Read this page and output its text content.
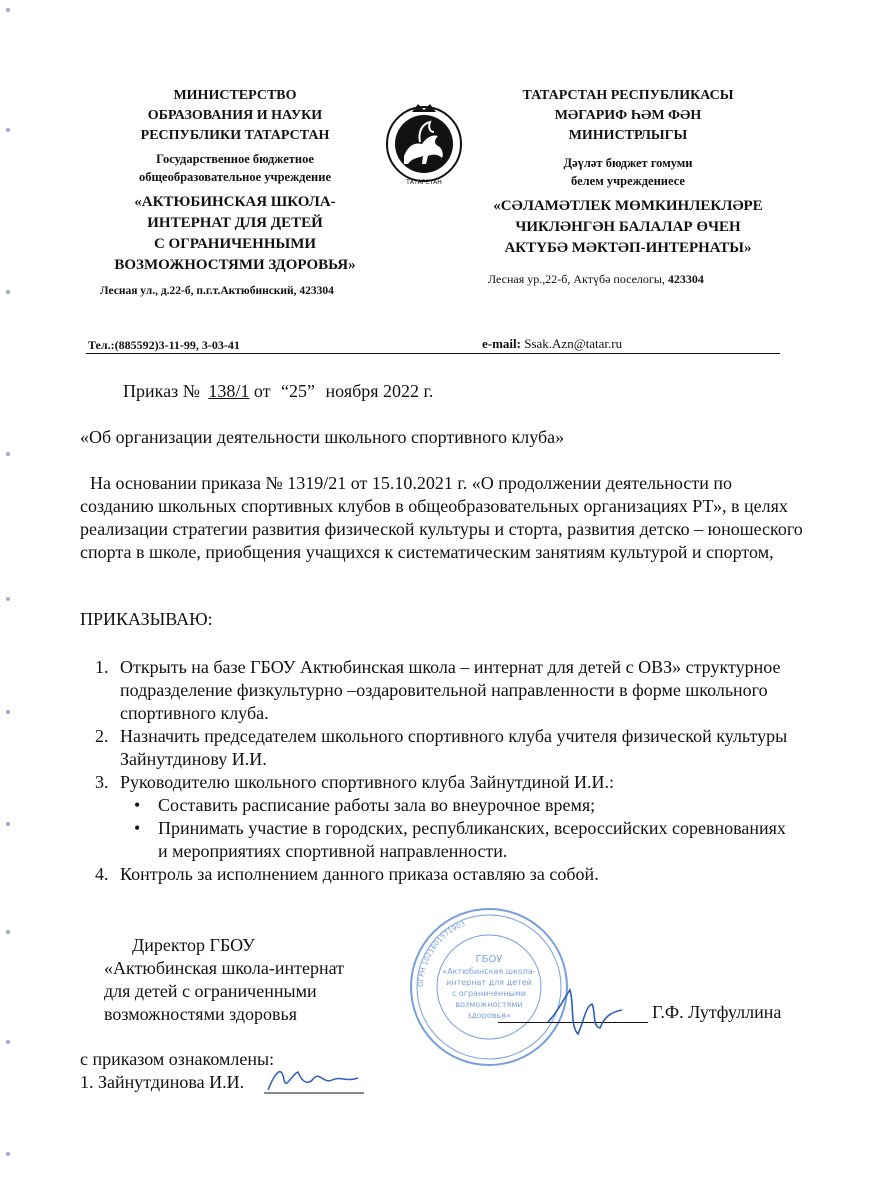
МИНИСТЕРСТВО
ОБРАЗОВАНИЯ И НАУКИ
РЕСПУБЛИКИ ТАТАРСТАН
Государственное бюджетное
общеобразовательное учреждение
«АКТЮБИНСКАЯ ШКОЛА-
ИНТЕРНАТ ДЛЯ ДЕТЕЙ
С ОГРАНИЧЕННЫМИ
ВОЗМОЖНОСТЯМИ ЗДОРОВЬЯ»
Лесная ул., д.22-б, п.г.т.Актюбинский, 423304
ТАТАРСТАН
ТАТАРСТАН РЕСПУБЛИКАСЫ
МӘГАРИФ ҺӘМ ФӘН
МИНИСТРЛЫГЫ
Дәүләт бюджет гомуми
белем учреждениесе
«СӘЛАМӘТЛЕК МӨМКИНЛЕКЛӘРЕ
ЧИКЛӘНГӘН БАЛАЛАР ӨЧЕН
АКТҮБӘ МӘКТӘП-ИНТЕРНАТЫ»
Лесная ур.,22-б, Актүбә поселогы, 423304
Тел.:(885592)3-11-99, 3-03-41	e-mail: Ssak.Azn@tatar.ru
Приказ № 138/1 от “25” ноября 2022 г.
«Об организации деятельности школьного спортивного клуба»
На основании приказа № 1319/21 от 15.10.2021 г. «О продолжении деятельности по созданию школьных спортивных клубов в общеобразовательных организациях РТ», в целях реализации стратегии развития физической культуры и сторта, развития детско – юношеского спорта в школе, приобщения учащихся к систематическим занятиям культурой и спортом,
ПРИКАЗЫВАЮ:
1. Открыть на базе ГБОУ Актюбинская школа – интернат для детей с ОВЗ» структурное подразделение физкультурно –оздаровительной направленности в форме школьного спортивного клуба.
2. Назначить председателем школьного спортивного клуба учителя физической культуры Зайнутдинову И.И.
3. Руководителю школьного спортивного клуба Зайнутдиной И.И.:
• Составить расписание работы зала во внеурочное время;
• Принимать участие в городских, республиканских, всероссийских соревнованиях и мероприятиях спортивной направленности.
4. Контроль за исполнением данного приказа оставляю за собой.
ОГРН 1021601571903
ГБОУ
«Актюбинская школа-
интернат для детей
с ограниченными
возможностями
здоровья»
Директор ГБОУ
«Актюбинская школа-интернат
для детей с ограниченными
возможностями здоровья	Г.Ф. Лутфуллина
с приказом ознакомлены:
1. Зайнутдинова И.И.
